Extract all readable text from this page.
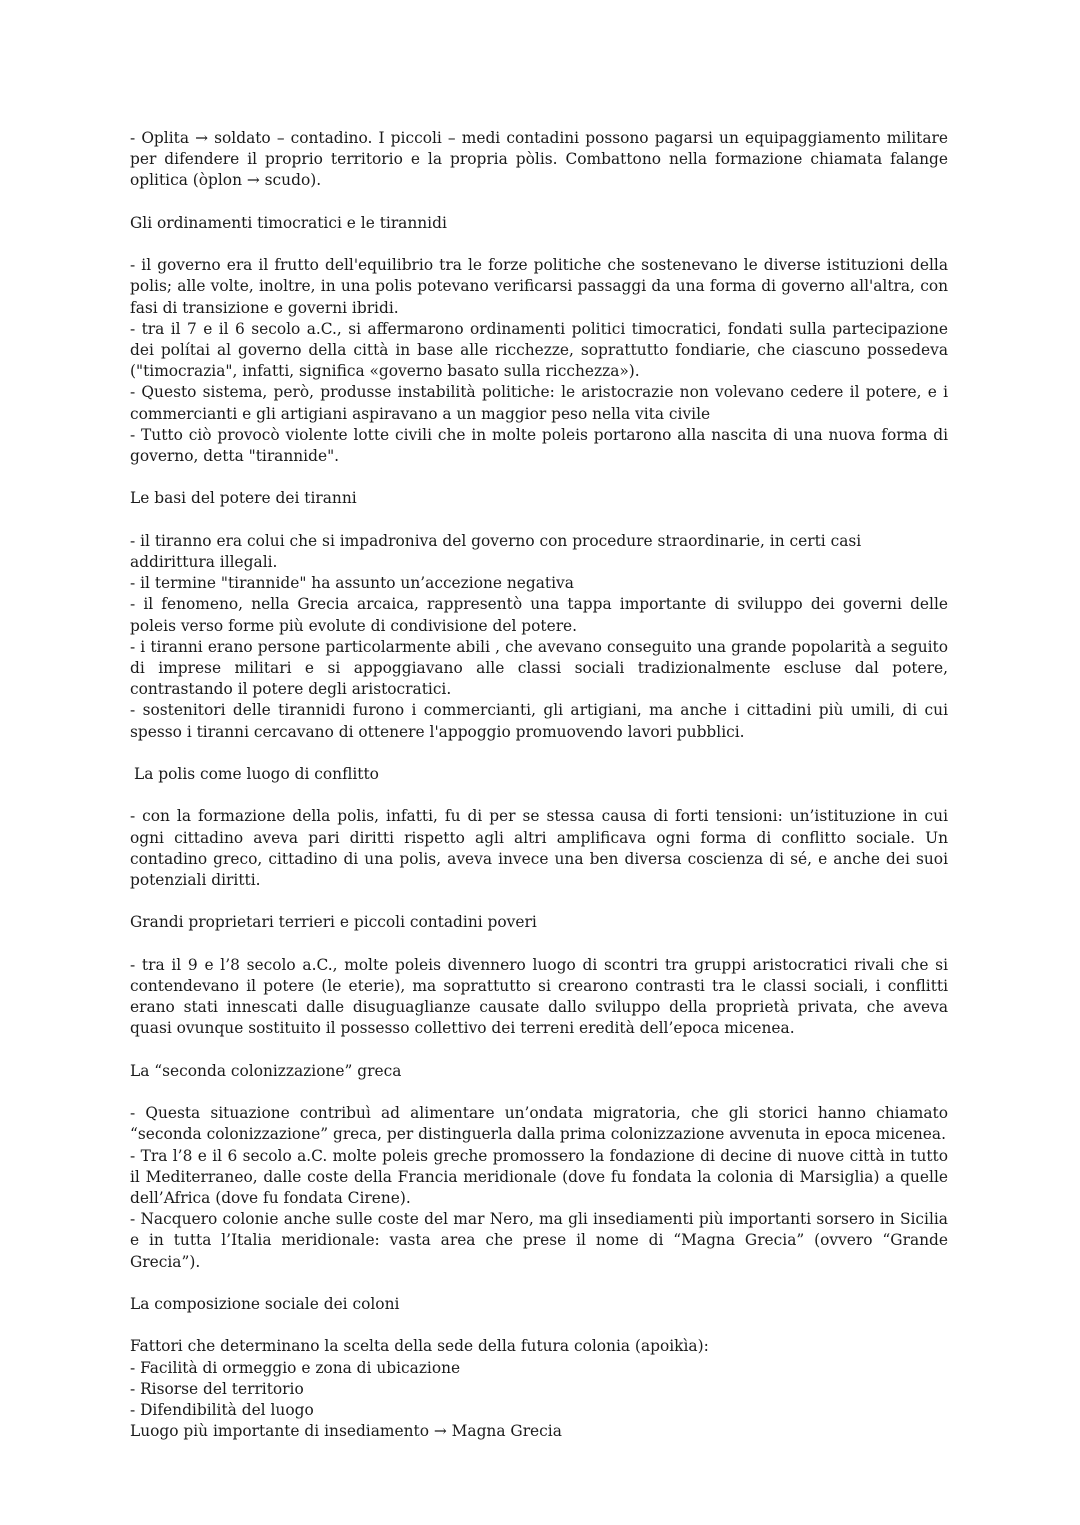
- Oplita → soldato – contadino. I piccoli – medi contadini possono pagarsi un equipaggiamento militare per difendere il proprio territorio e la propria pòlis. Combattono nella formazione chiamata falange oplitica (òplon → scudo).

Gli ordinamenti timocratici e le tirannidi

- il governo era il frutto dell'equilibrio tra le forze politiche che sostenevano le diverse istituzioni della polis; alle volte, inoltre, in una polis potevano verificarsi passaggi da una forma di governo all'altra, con fasi di transizione e governi ibridi.

- tra il 7 e il 6 secolo a.C., si affermarono ordinamenti politici timocratici, fondati sulla partecipazione dei polítai al governo della città in base alle ricchezze, soprattutto fondiarie, che ciascuno possedeva ("timocrazia", infatti, significa «governo basato sulla ricchezza»).

- Questo sistema, però, produsse instabilità politiche: le aristocrazie non volevano cedere il potere, e i commercianti e gli artigiani aspiravano a un maggior peso nella vita civile

- Tutto ciò provocò violente lotte civili che in molte poleis portarono alla nascita di una nuova forma di governo, detta "tirannide".

Le basi del potere dei tiranni

- il tiranno era colui che si impadroniva del governo con procedure straordinarie, in certi casi addirittura illegali.

- il termine "tirannide" ha assunto un’accezione negativa

- il fenomeno, nella Grecia arcaica, rappresentò una tappa importante di sviluppo dei governi delle poleis verso forme più evolute di condivisione del potere.

- i tiranni erano persone particolarmente abili , che avevano conseguito una grande popolarità a seguito di imprese militari e si appoggiavano alle classi sociali tradizionalmente escluse dal potere, contrastando il potere degli aristocratici.

- sostenitori delle tirannidi furono i commercianti, gli artigiani, ma anche i cittadini più umili, di cui spesso i tiranni cercavano di ottenere l'appoggio promuovendo lavori pubblici.

La polis come luogo di conflitto

- con la formazione della polis, infatti, fu di per se stessa causa di forti tensioni: un’istituzione in cui ogni cittadino aveva pari diritti rispetto agli altri amplificava ogni forma di conflitto sociale. Un contadino greco, cittadino di una polis, aveva invece una ben diversa coscienza di sé, e anche dei suoi potenziali diritti.

Grandi proprietari terrieri e piccoli contadini poveri

- tra il 9 e l’8 secolo a.C., molte poleis divennero luogo di scontri tra gruppi aristocratici rivali che si contendevano il potere (le eterie), ma soprattutto si crearono contrasti tra le classi sociali, i conflitti erano stati innescati dalle disuguaglianze causate dallo sviluppo della proprietà privata, che aveva quasi ovunque sostituito il possesso collettivo dei terreni eredità dell’epoca micenea.

La “seconda colonizzazione” greca

- Questa situazione contribuì ad alimentare un’ondata migratoria, che gli storici hanno chiamato “seconda colonizzazione” greca, per distinguerla dalla prima colonizzazione avvenuta in epoca micenea.

- Tra l’8 e il 6 secolo a.C. molte poleis greche promossero la fondazione di decine di nuove città in tutto il Mediterraneo, dalle coste della Francia meridionale (dove fu fondata la colonia di Marsiglia) a quelle dell’Africa (dove fu fondata Cirene).

- Nacquero colonie anche sulle coste del mar Nero, ma gli insediamenti più importanti sorsero in Sicilia e in tutta l’Italia meridionale: vasta area che prese il nome di “Magna Grecia” (ovvero “Grande Grecia”).

La composizione sociale dei coloni

Fattori che determinano la scelta della sede della futura colonia (apoikìa):

- Facilità di ormeggio e zona di ubicazione

- Risorse del territorio

- Difendibilità del luogo

Luogo più importante di insediamento → Magna Grecia
